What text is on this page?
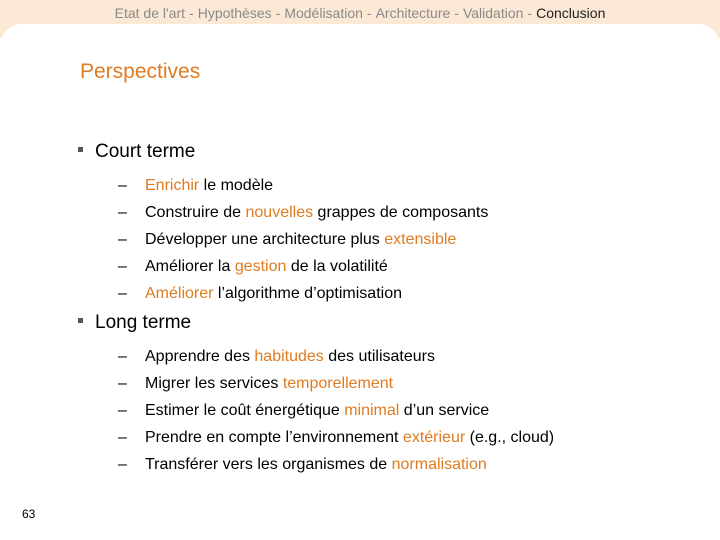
Etat de l'art - Hypothèses - Modélisation - Architecture - Validation - Conclusion
Perspectives
Court terme
– Enrichir le modèle
– Construire de nouvelles grappes de composants
– Développer une architecture plus extensible
– Améliorer la gestion de la volatilité
– Améliorer l’algorithme d’optimisation
Long terme
– Apprendre des habitudes des utilisateurs
– Migrer les services temporellement
– Estimer le coût énergétique minimal d’un service
– Prendre en compte l’environnement extérieur (e.g., cloud)
– Transférer vers les organismes de normalisation
63
